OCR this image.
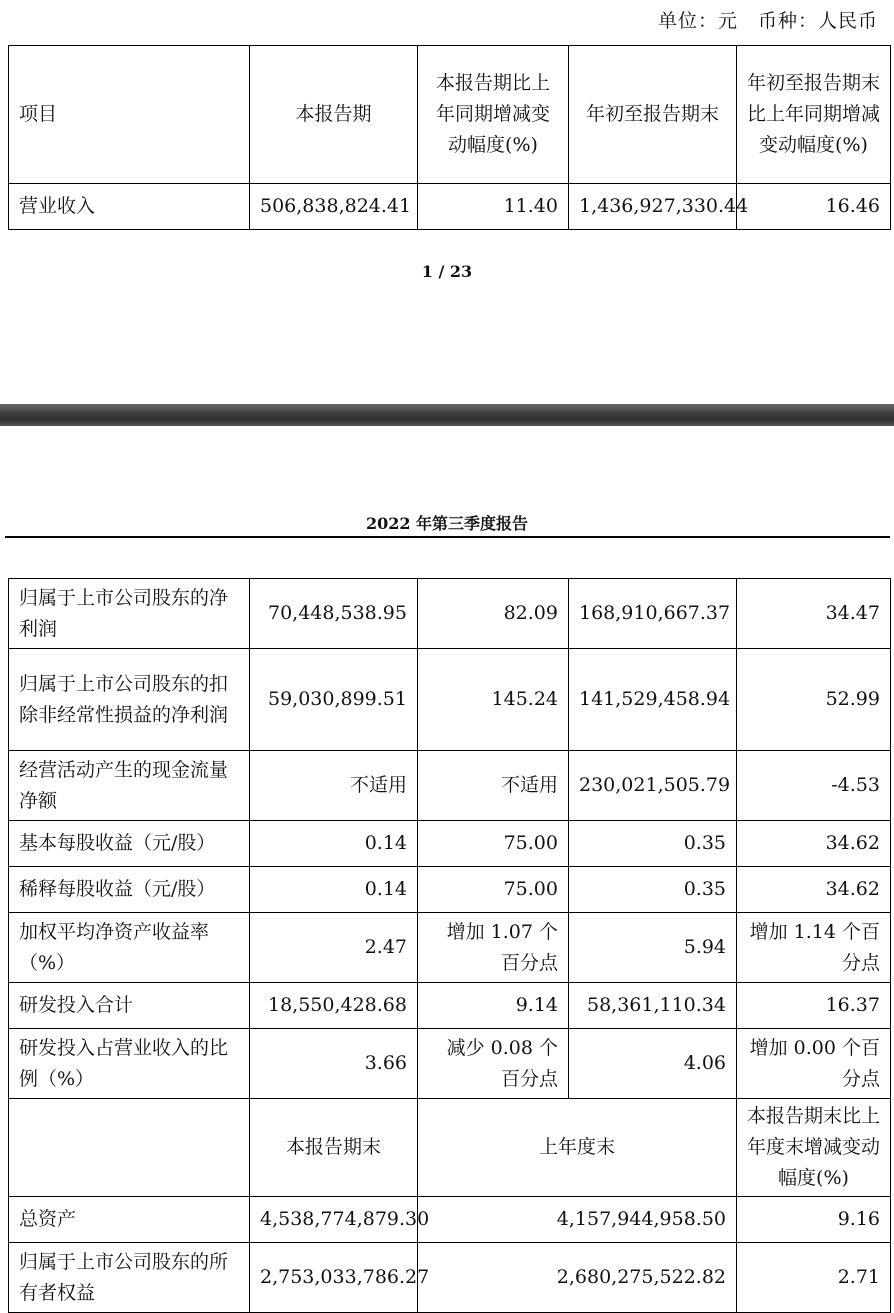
单位：元　币种：人民币
项目	本报告期	本报告期比上年同期增减变动幅度(%)	年初至报告期末	年初至报告期末比上年同期增减变动幅度(%)
营业收入	506,838,824.41	11.40	1,436,927,330.44	16.46
1 / 23
2022 年第三季度报告
归属于上市公司股东的净利润	70,448,538.95	82.09	168,910,667.37	34.47
归属于上市公司股东的扣除非经常性损益的净利润	59,030,899.51	145.24	141,529,458.94	52.99
经营活动产生的现金流量净额	不适用	不适用	230,021,505.79	-4.53
基本每股收益（元/股）	0.14	75.00	0.35	34.62
稀释每股收益（元/股）	0.14	75.00	0.35	34.62
加权平均净资产收益率（%）	2.47	增加 1.07 个百分点	5.94	增加 1.14 个百分点
研发投入合计	18,550,428.68	9.14	58,361,110.34	16.37
研发投入占营业收入的比例（%）	3.66	减少 0.08 个百分点	4.06	增加 0.00 个百分点
	本报告期末	上年度末		本报告期末比上年度末增减变动幅度(%)
总资产	4,538,774,879.30	4,157,944,958.50		9.16
归属于上市公司股东的所有者权益	2,753,033,786.27	2,680,275,522.82		2.71
